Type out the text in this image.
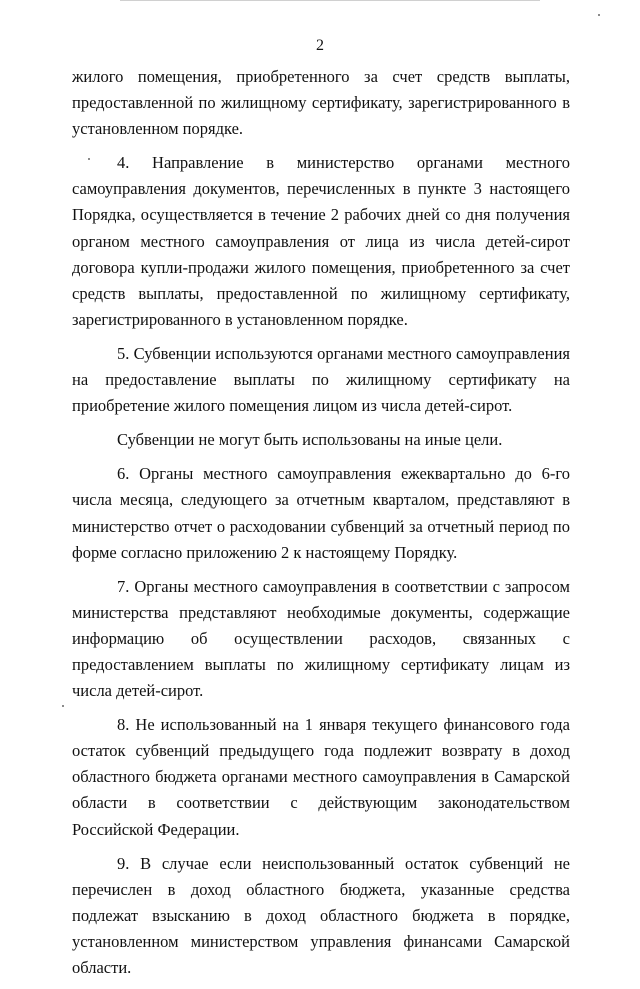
2

жилого помещения, приобретенного за счет средств выплаты, предоставленной по жилищному сертификату, зарегистрированного в установленном порядке.

4. Направление в министерство органами местного самоуправления документов, перечисленных в пункте 3 настоящего Порядка, осуществляется в течение 2 рабочих дней со дня получения органом местного самоуправления от лица из числа детей-сирот договора купли-продажи жилого помещения, приобретенного за счет средств выплаты, предоставленной по жилищному сертификату, зарегистрированного в установленном порядке.

5. Субвенции используются органами местного самоуправления на предоставление выплаты по жилищному сертификату на приобретение жилого помещения лицом из числа детей-сирот.

Субвенции не могут быть использованы на иные цели.

6. Органы местного самоуправления ежеквартально до 6-го числа месяца, следующего за отчетным кварталом, представляют в министерство отчет о расходовании субвенций за отчетный период по форме согласно приложению 2 к настоящему Порядку.

7. Органы местного самоуправления в соответствии с запросом министерства представляют необходимые документы, содержащие информацию об осуществлении расходов, связанных с предоставлением выплаты по жилищному сертификату лицам из числа детей-сирот.

8. Не использованный на 1 января текущего финансового года остаток субвенций предыдущего года подлежит возврату в доход областного бюджета органами местного самоуправления в Самарской области в соответствии с действующим законодательством Российской Федерации.

9. В случае если неиспользованный остаток субвенций не перечислен в доход областного бюджета, указанные средства подлежат взысканию в доход областного бюджета в порядке, установленном министерством управления финансами Самарской области.
